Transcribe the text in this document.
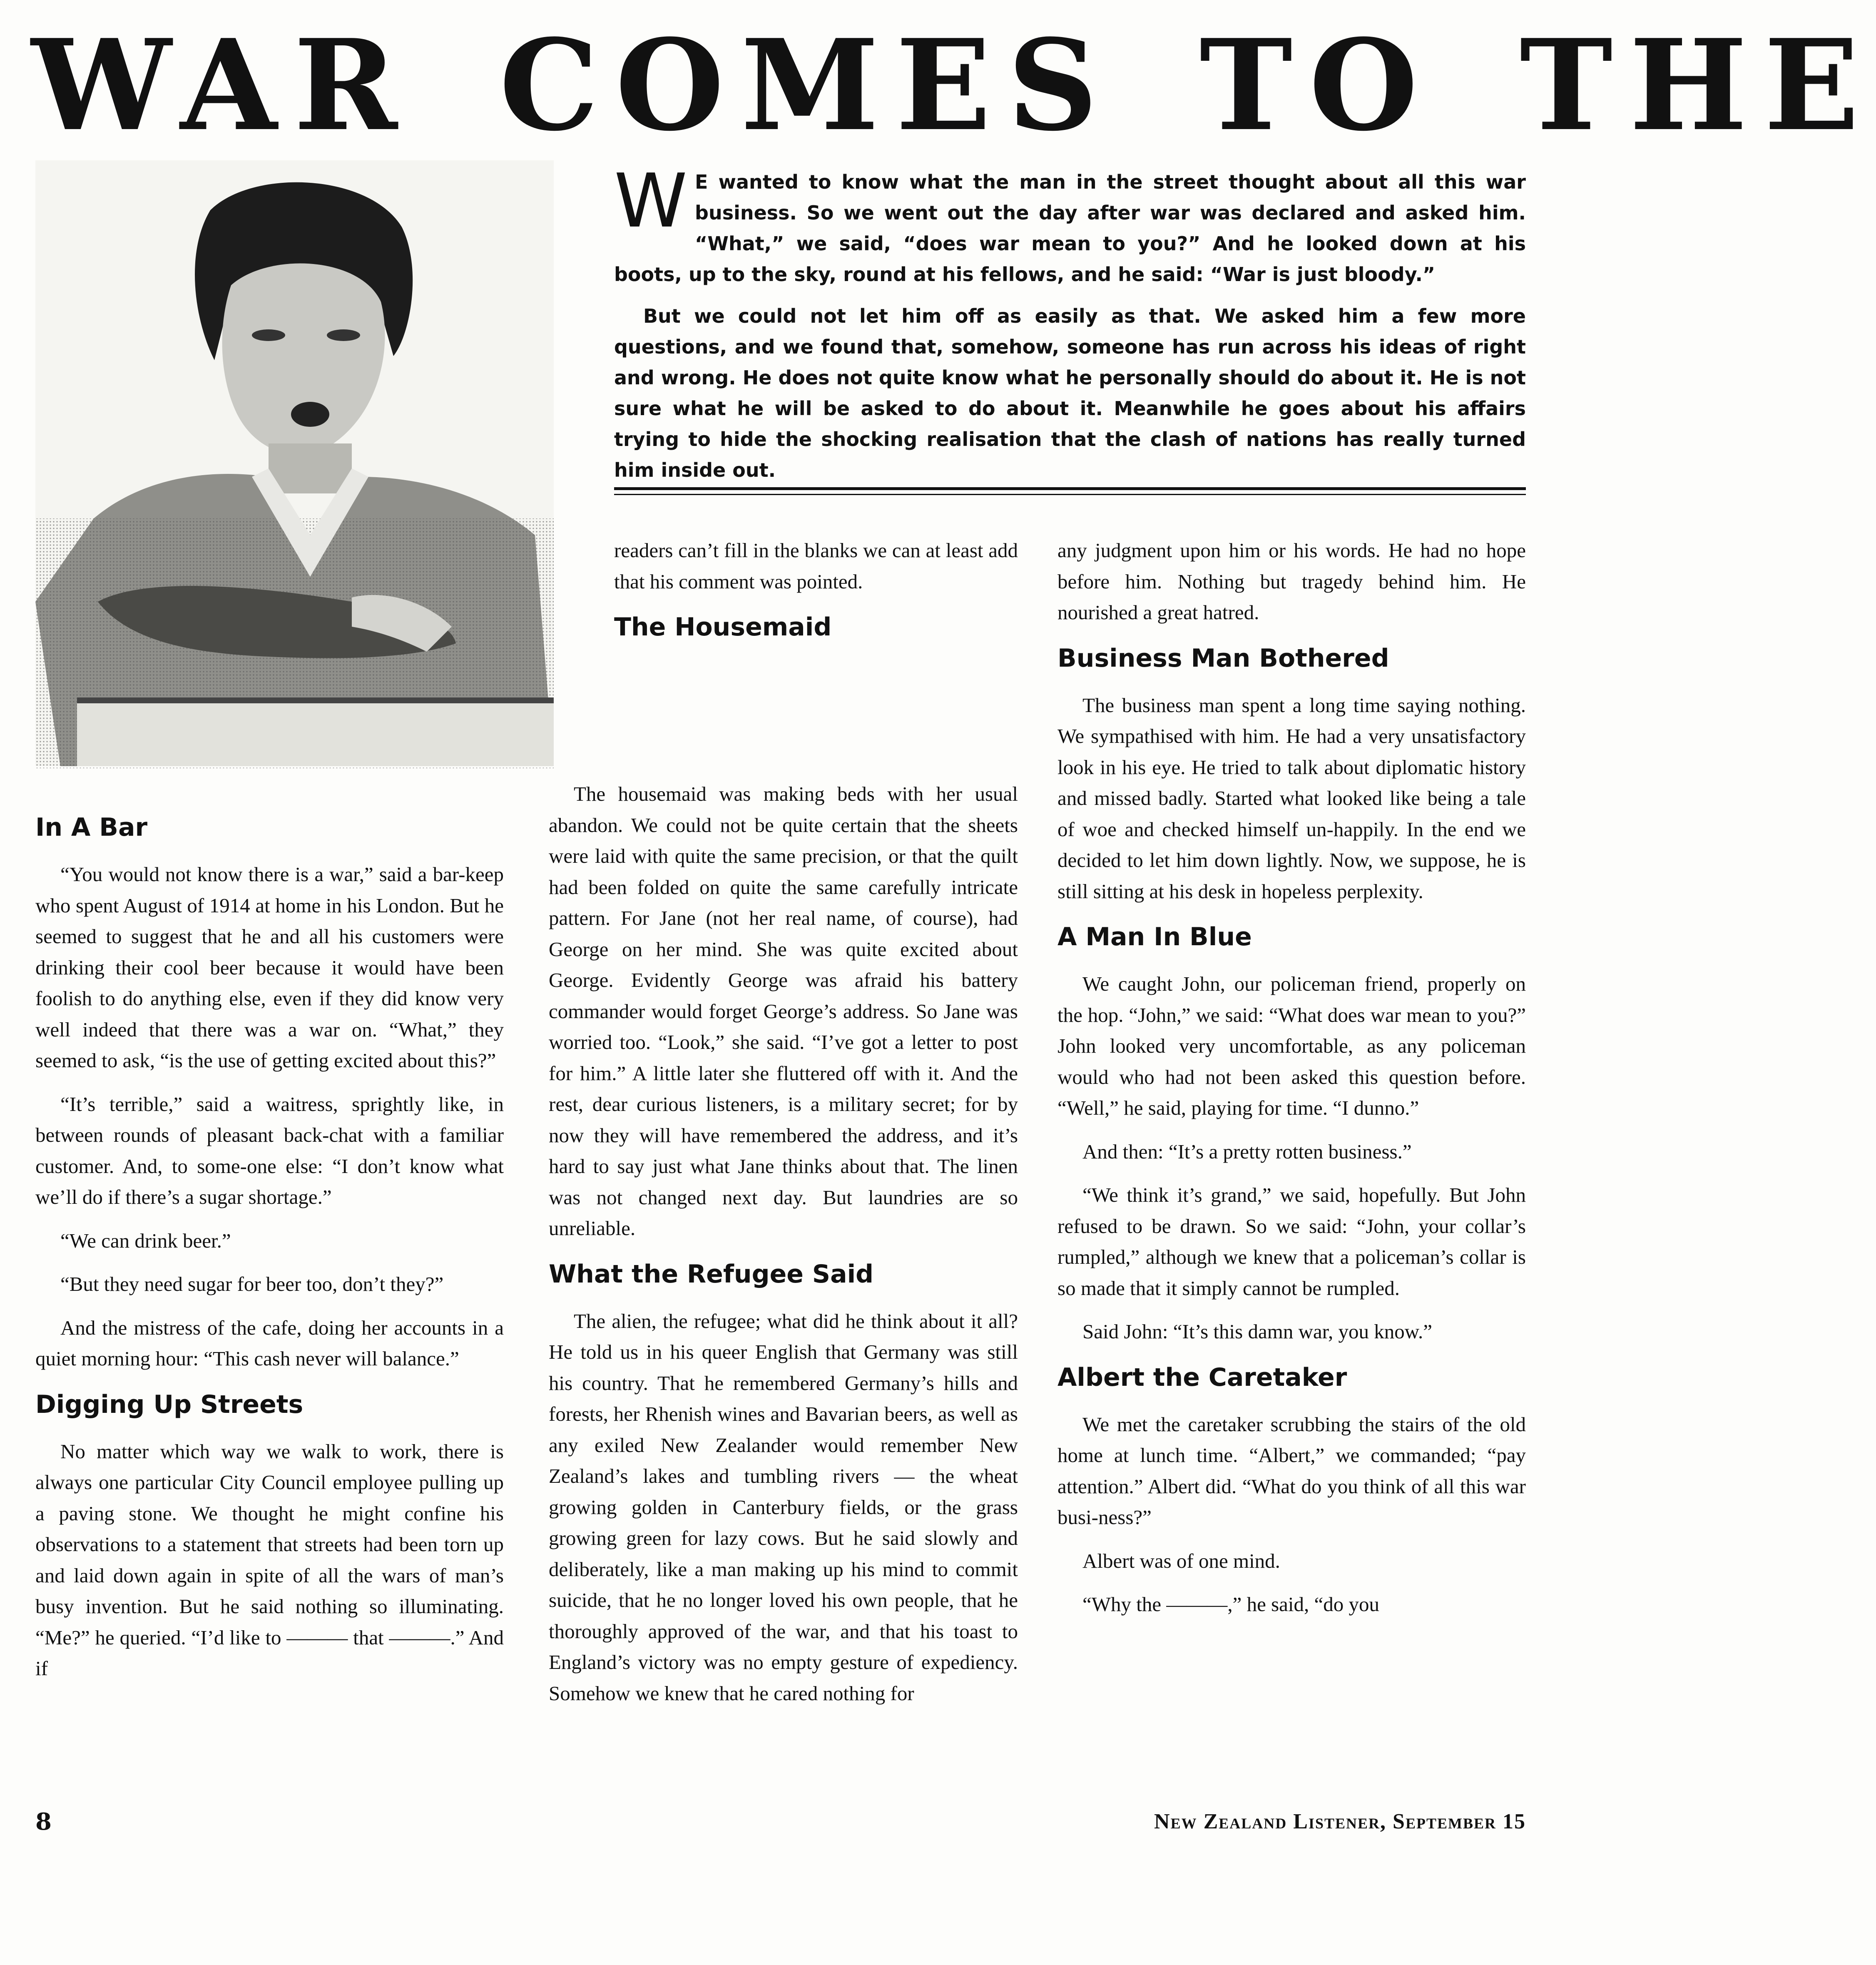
WAR COMES TO THE

W E wanted to know what the man in the street thought about all this war business. So we went out the day after war was declared and asked him. “What,” we said, “does war mean to you?” And he looked down at his boots, up to the sky, round at his fellows, and he said: “War is just bloody.”

But we could not let him off as easily as that. We asked him a few more questions, and we found that, somehow, someone has run across his ideas of right and wrong. He does not quite know what he personally should do about it. He is not sure what he will be asked to do about it. Meanwhile he goes about his affairs trying to hide the shocking realisation that the clash of nations has really turned him inside out.

In A Bar

“You would not know there is a war,” said a bar-keep who spent August of 1914 at home in his London. But he seemed to suggest that he and all his customers were drinking their cool beer because it would have been foolish to do anything else, even if they did know very well indeed that there was a war on. “What,” they seemed to ask, “is the use of getting excited about this?”

“It’s terrible,” said a waitress, sprightly like, in between rounds of pleasant back-chat with a familiar customer. And, to some-one else: “I don’t know what we’ll do if there’s a sugar shortage.”

“We can drink beer.”

“But they need sugar for beer too, don’t they?”

And the mistress of the cafe, doing her accounts in a quiet morning hour: “This cash never will balance.”

Digging Up Streets

No matter which way we walk to work, there is always one particular City Council employee pulling up a paving stone. We thought he might confine his observations to a statement that streets had been torn up and laid down again in spite of all the wars of man’s busy invention. But he said nothing so illuminating. “Me?” he queried. “I’d like to ——— that ———.” And if

readers can’t fill in the blanks we can at least add that his comment was pointed.

The Housemaid

The housemaid was making beds with her usual abandon. We could not be quite certain that the sheets were laid with quite the same precision, or that the quilt had been folded on quite the same carefully intricate pattern. For Jane (not her real name, of course), had George on her mind. She was quite excited about George. Evidently George was afraid his battery commander would forget George’s address. So Jane was worried too. “Look,” she said. “I’ve got a letter to post for him.” A little later she fluttered off with it. And the rest, dear curious listeners, is a military secret; for by now they will have remembered the address, and it’s hard to say just what Jane thinks about that. The linen was not changed next day. But laundries are so unreliable.

What the Refugee Said

The alien, the refugee; what did he think about it all? He told us in his queer English that Germany was still his country. That he remembered Germany’s hills and forests, her Rhenish wines and Bavarian beers, as well as any exiled New Zealander would remember New Zealand’s lakes and tumbling rivers — the wheat growing golden in Canterbury fields, or the grass growing green for lazy cows. But he said slowly and deliberately, like a man making up his mind to commit suicide, that he no longer loved his own people, that he thoroughly approved of the war, and that his toast to England’s victory was no empty gesture of expediency. Somehow we knew that he cared nothing for

any judgment upon him or his words. He had no hope before him. Nothing but tragedy behind him. He nourished a great hatred.

Business Man Bothered

The business man spent a long time saying nothing. We sympathised with him. He had a very unsatisfactory look in his eye. He tried to talk about diplomatic history and missed badly. Started what looked like being a tale of woe and checked himself un-happily. In the end we decided to let him down lightly. Now, we suppose, he is still sitting at his desk in hopeless perplexity.

A Man In Blue

We caught John, our policeman friend, properly on the hop. “John,” we said: “What does war mean to you?” John looked very uncomfortable, as any policeman would who had not been asked this question before. “Well,” he said, playing for time. “I dunno.”

And then: “It’s a pretty rotten business.”

“We think it’s grand,” we said, hopefully. But John refused to be drawn. So we said: “John, your collar’s rumpled,” although we knew that a policeman’s collar is so made that it simply cannot be rumpled.

Said John: “It’s this damn war, you know.”

Albert the Caretaker

We met the caretaker scrubbing the stairs of the old home at lunch time. “Albert,” we commanded; “pay attention.” Albert did. “What do you think of all this war busi-ness?”

Albert was of one mind.

“Why the ———,” he said, “do you

8	New Zealand Listener, September 15
